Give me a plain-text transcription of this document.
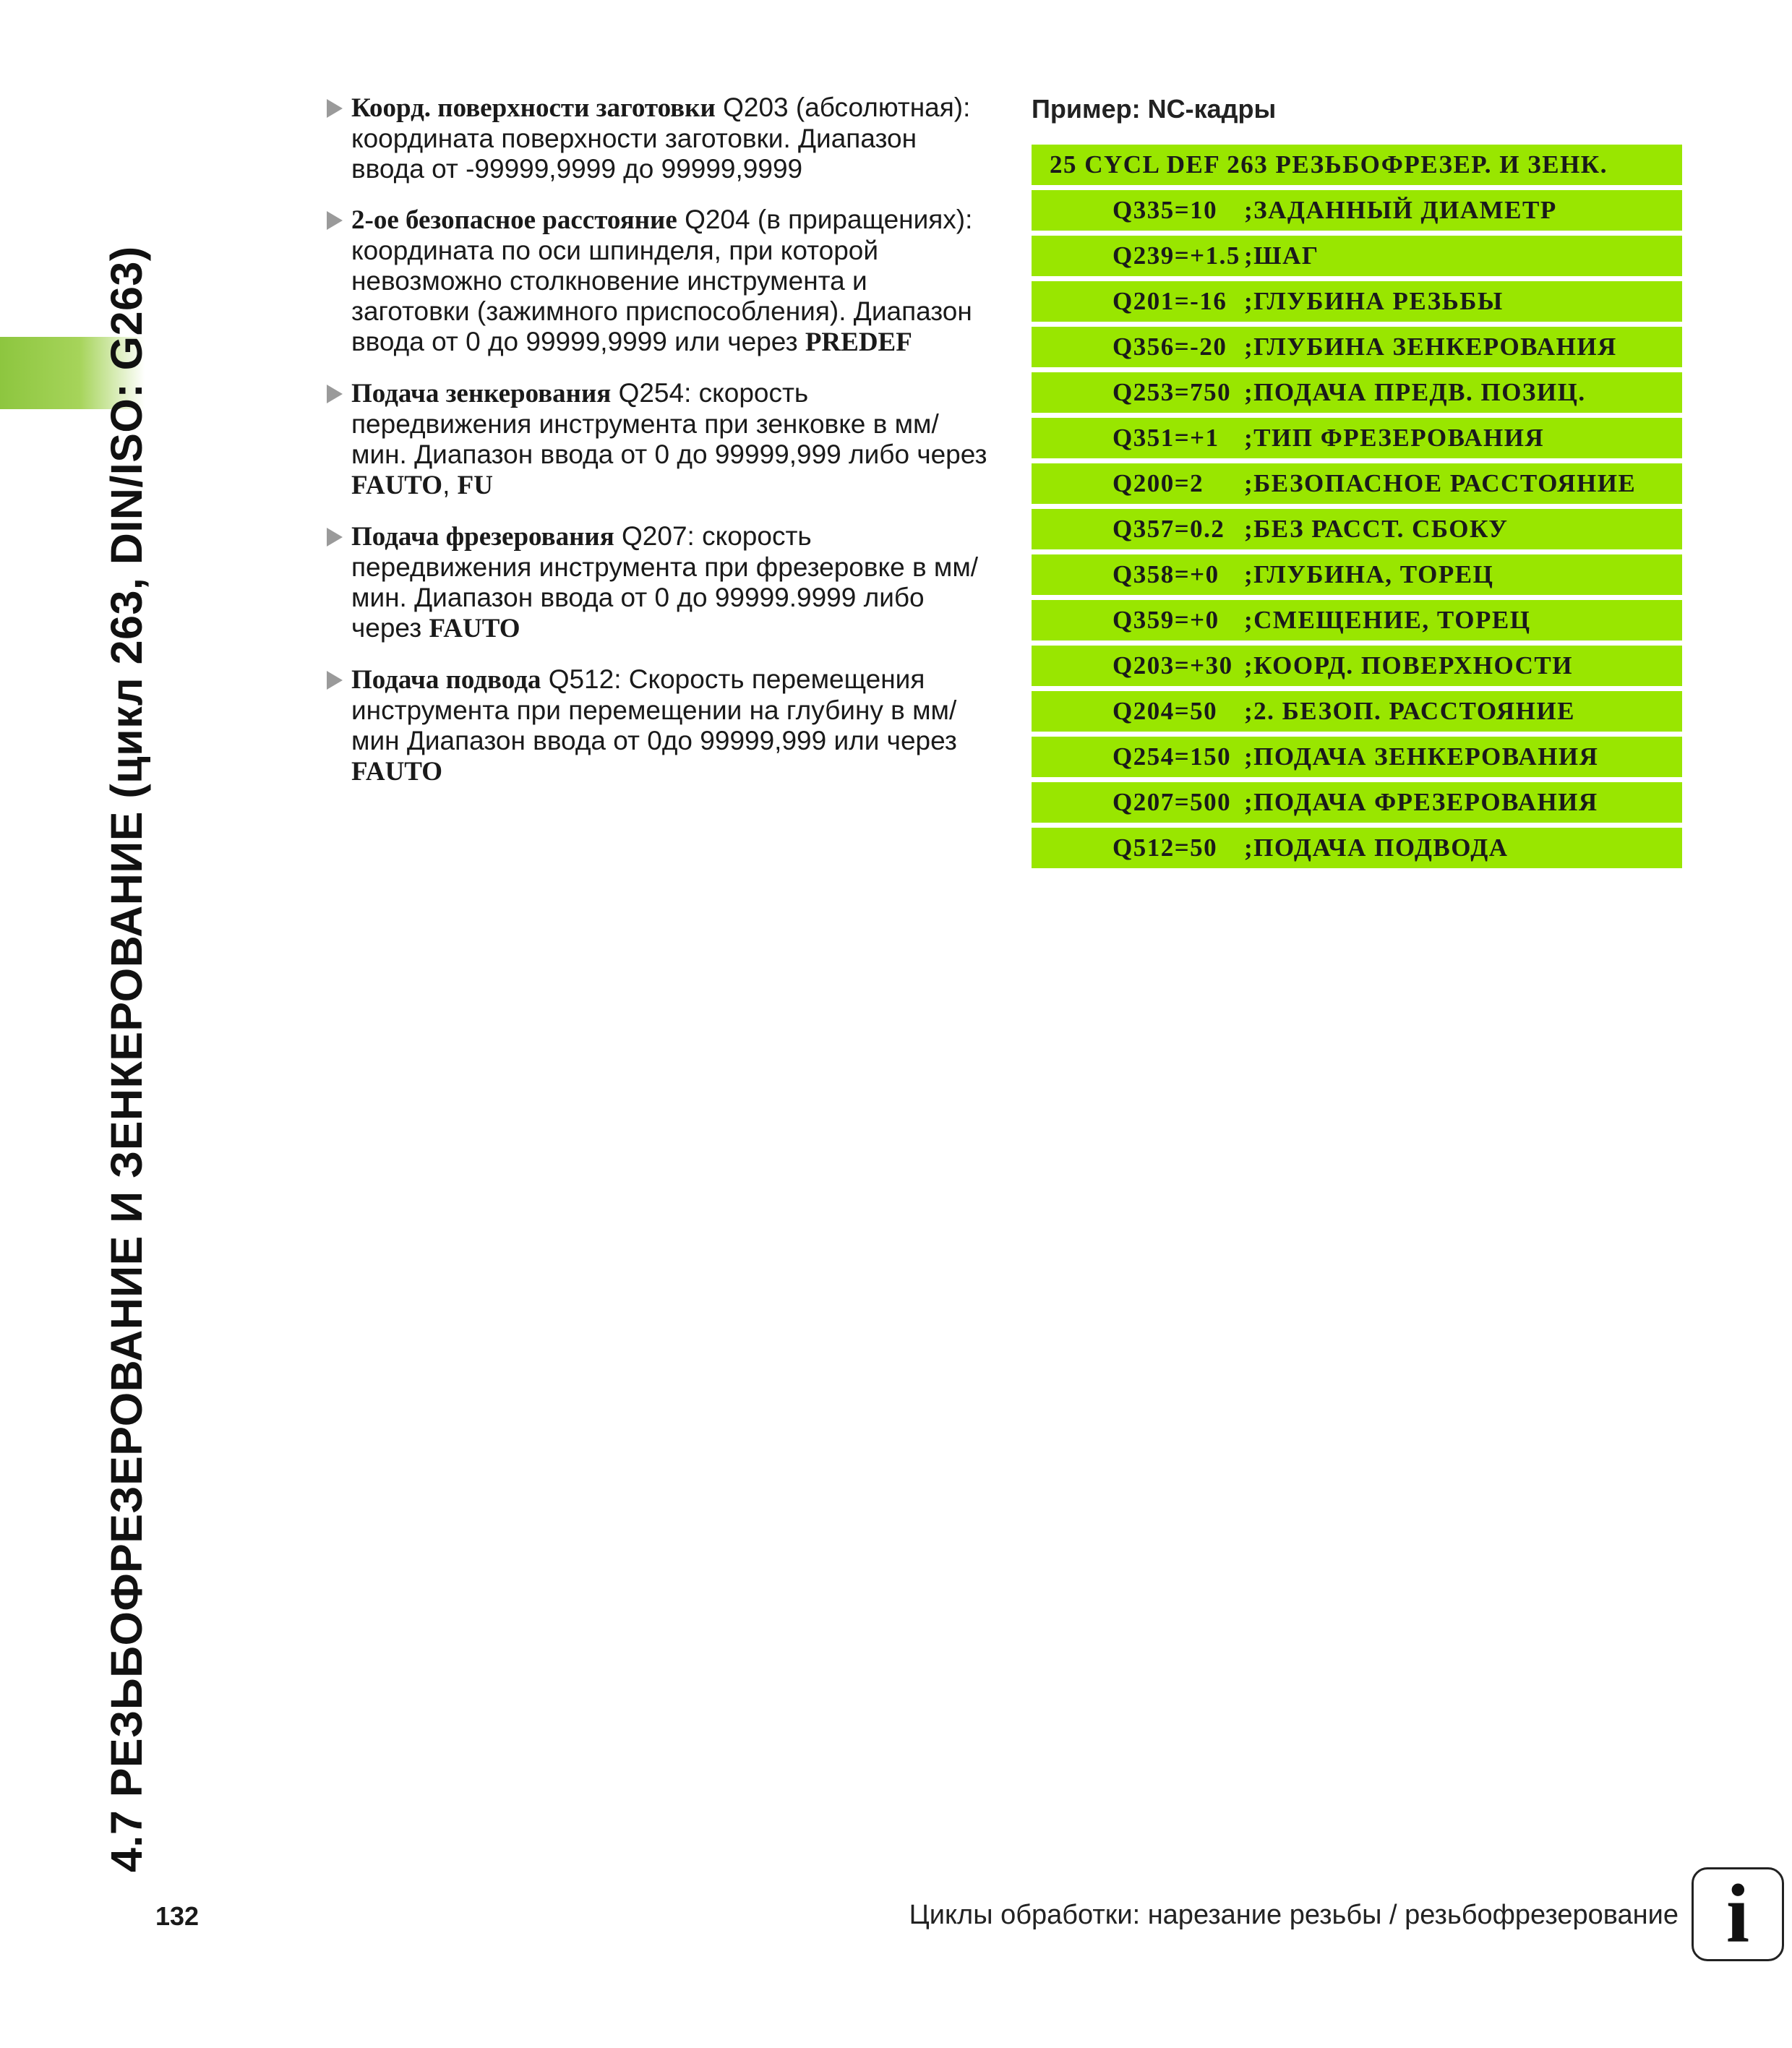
4.7 РЕЗЬБОФРЕЗЕРОВАНИЕ И ЗЕНКЕРОВАНИЕ (цикл 263, DIN/ISO: G263)
Коорд. поверхности заготовки Q203 (абсолютная): координата поверхности заготовки. Диапазон ввода от -99999,9999 до 99999,9999
2-ое безопасное расстояние Q204 (в приращениях): координата по оси шпинделя, при которой невозможно столкновение инструмента и заготовки (зажимного приспособления). Диапазон ввода от 0 до 99999,9999 или через PREDEF
Подача зенкерования Q254: скорость передвижения инструмента при зенковке в мм/мин. Диапазон ввода от 0 до 99999,999 либо через FAUTO, FU
Подача фрезерования Q207: скорость передвижения инструмента при фрезеровке в мм/мин. Диапазон ввода от 0 до 99999.9999 либо через FAUTO
Подача подвода Q512: Скорость перемещения инструмента при перемещении на глубину в мм/мин Диапазон ввода от 0до 99999,999 или через FAUTO
Пример: NC-кадры
25 CYCL DEF 263 РЕЗЬБОФРЕЗЕР. И ЗЕНК.
Q335=10 ;ЗАДАННЫЙ ДИАМЕТР
Q239=+1.5 ;ШАГ
Q201=-16 ;ГЛУБИНА РЕЗЬБЫ
Q356=-20 ;ГЛУБИНА ЗЕНКЕРОВАНИЯ
Q253=750 ;ПОДАЧА ПРЕДВ. ПОЗИЦ.
Q351=+1 ;ТИП ФРЕЗЕРОВАНИЯ
Q200=2 ;БЕЗОПАСНОЕ РАССТОЯНИЕ
Q357=0.2 ;БЕЗ РАССТ. СБОКУ
Q358=+0 ;ГЛУБИНА, ТОРЕЦ
Q359=+0 ;СМЕЩЕНИЕ, ТОРЕЦ
Q203=+30 ;КООРД. ПОВЕРХНОСТИ
Q204=50 ;2. БЕЗОП. РАССТОЯНИЕ
Q254=150 ;ПОДАЧА ЗЕНКЕРОВАНИЯ
Q207=500 ;ПОДАЧА ФРЕЗЕРОВАНИЯ
Q512=50 ;ПОДАЧА ПОДВОДА
132	Циклы обработки: нарезание резьбы / резьбофрезерование i
